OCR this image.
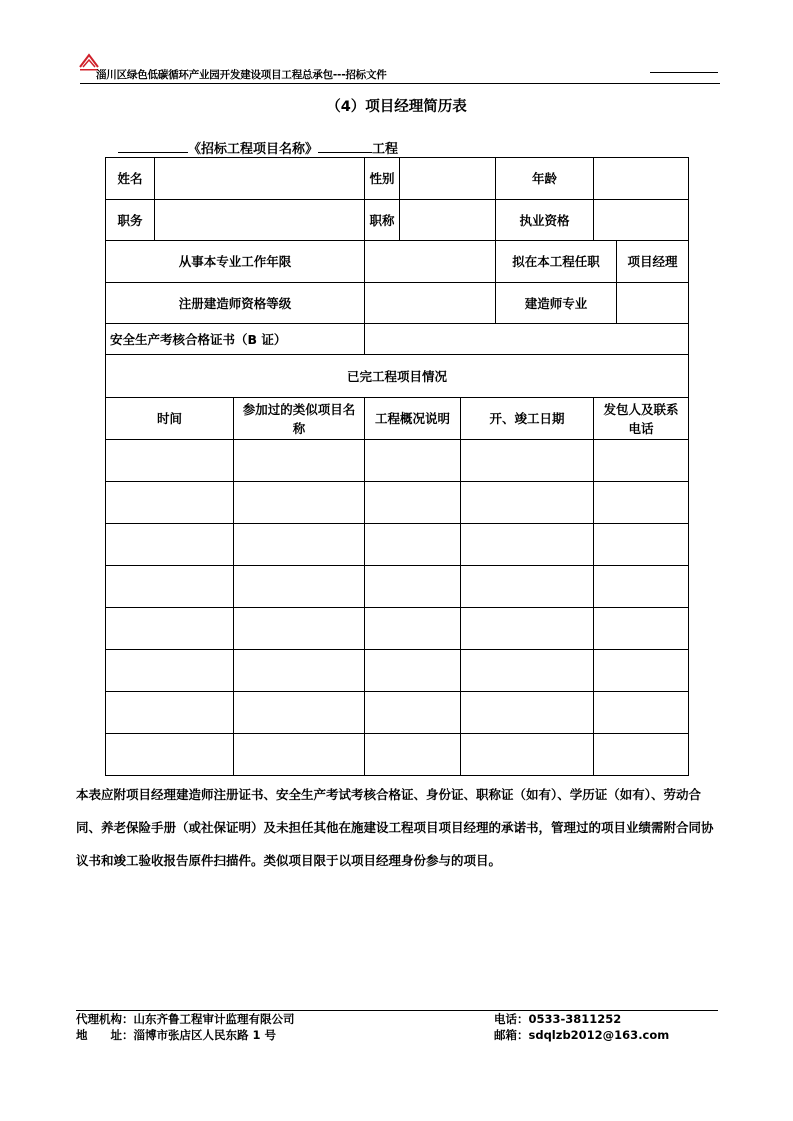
淄川区绿色低碳循环产业园开发建设项目工程总承包---招标文件
（4）项目经理简历表
《招标工程项目名称》	工程
姓名			性别			年龄		
职务			职称			执业资格		
从事本专业工作年限						拟在本工程任职		项目经理
注册建造师资格等级						建造师专业		
安全生产考核合格证书（B 证）								
已完工程项目情况								
时间		参加过的类似项目名称	工程概况说明		开、竣工日期		发包人及联系电话	

本表应附项目经理建造师注册证书、安全生产考试考核合格证、身份证、职称证（如有）、学历证（如有）、劳动合同、养老保险手册（或社保证明）及未担任其他在施建设工程项目项目经理的承诺书，管理过的项目业绩需附合同协议书和竣工验收报告原件扫描件。类似项目限于以项目经理身份参与的项目。
代理机构：山东齐鲁工程审计监理有限公司
地　　址：淄博市张店区人民东路 1 号
电话：0533-3811252
邮箱：sdqlzb2012@163.com
